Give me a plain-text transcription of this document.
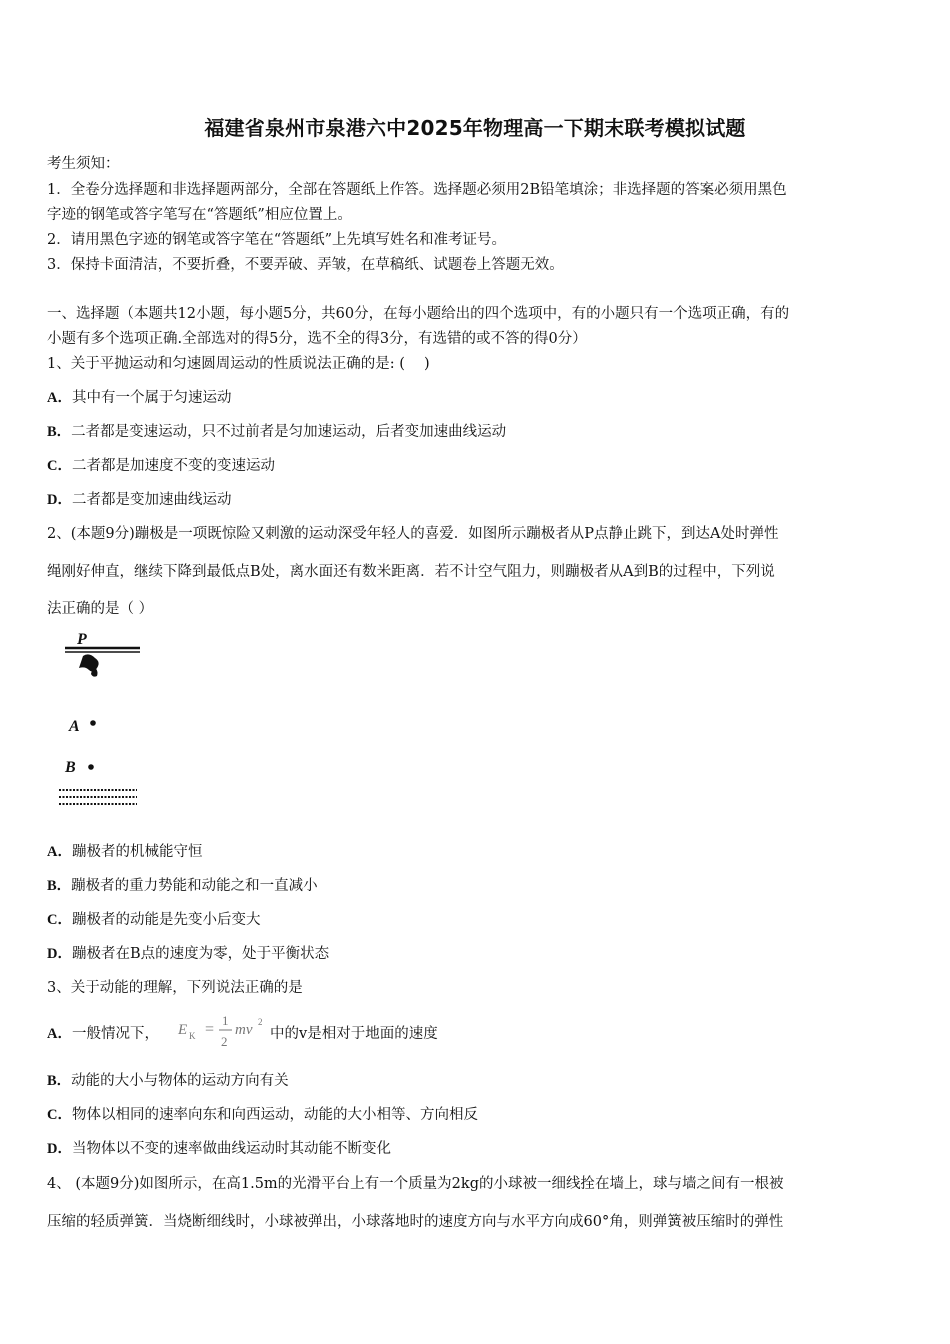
福建省泉州市泉港六中2025年物理高一下期末联考模拟试题
考生须知：
1．全卷分选择题和非选择题两部分，全部在答题纸上作答。选择题必须用2B铅笔填涂；非选择题的答案必须用黑色
字迹的钢笔或答字笔写在“答题纸”相应位置上。
2．请用黑色字迹的钢笔或答字笔在“答题纸”上先填写姓名和准考证号。
3．保持卡面清洁，不要折叠，不要弄破、弄皱，在草稿纸、试题卷上答题无效。
一、选择题（本题共12小题，每小题5分，共60分，在每小题给出的四个选项中，有的小题只有一个选项正确，有的
小题有多个选项正确.全部选对的得5分，选不全的得3分，有选错的或不答的得0分）
1、关于平抛运动和匀速圆周运动的性质说法正确的是: (　 )
A．其中有一个属于匀速运动
B．二者都是变速运动，只不过前者是匀加速运动，后者变加速曲线运动
C．二者都是加速度不变的变速运动
D．二者都是变加速曲线运动
2、(本题9分)蹦极是一项既惊险又刺激的运动深受年轻人的喜爱．如图所示蹦极者从P点静止跳下，到达A处时弹性
绳刚好伸直，继续下降到最低点B处，离水面还有数米距离．若不计空气阻力，则蹦极者从A到B的过程中，下列说
法正确的是（ ）
P
A
B
A．蹦极者的机械能守恒
B．蹦极者的重力势能和动能之和一直减小
C．蹦极者的动能是先变小后变大
D．蹦极者在B点的速度为零，处于平衡状态
3、关于动能的理解，下列说法正确的是
A．一般情况下，	E K =
1
2
mv 2
中的v是相对于地面的速度
B．动能的大小与物体的运动方向有关
C．物体以相同的速率向东和向西运动，动能的大小相等、方向相反
D．当物体以不变的速率做曲线运动时其动能不断变化
4、 (本题9分)如图所示，在高1.5m的光滑平台上有一个质量为2kg的小球被一细线拴在墙上，球与墙之间有一根被
压缩的轻质弹簧．当烧断细线时，小球被弹出，小球落地时的速度方向与水平方向成60°角，则弹簧被压缩时的弹性
